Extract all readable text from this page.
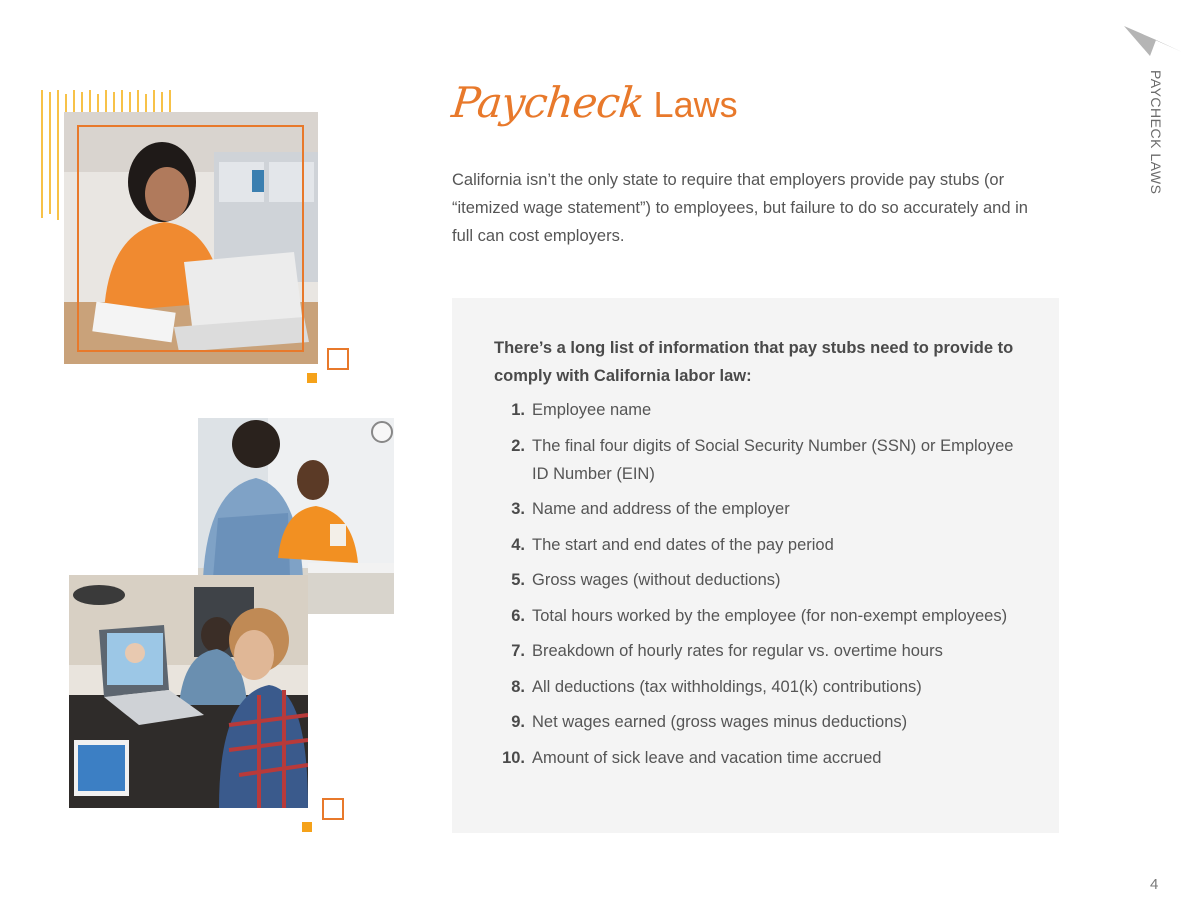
PAYCHECK LAWS
Paycheck Laws

California isn’t the only state to require that employers provide pay stubs (or “itemized wage statement”) to employees, but failure to do so accurately and in full can cost employers.

There’s a long list of information that pay stubs need to provide to comply with California labor law:

1. Employee name
2. The final four digits of Social Security Number (SSN) or Employee ID Number (EIN)
3. Name and address of the employer
4. The start and end dates of the pay period
5. Gross wages (without deductions)
6. Total hours worked by the employee (for non-exempt employees)
7. Breakdown of hourly rates for regular vs. overtime hours
8. All deductions (tax withholdings, 401(k) contributions)
9. Net wages earned (gross wages minus deductions)
10. Amount of sick leave and vacation time accrued
4
